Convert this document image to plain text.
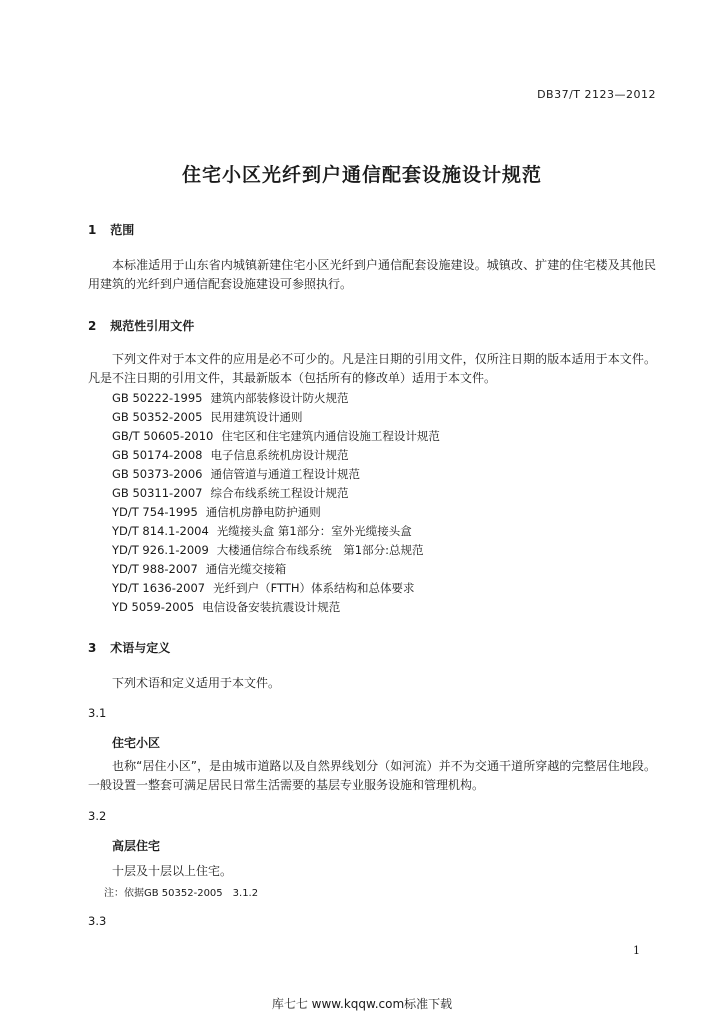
DB37/T 2123—2012
住宅小区光纤到户通信配套设施设计规范
1 范围
本标准适用于山东省内城镇新建住宅小区光纤到户通信配套设施建设。城镇改、扩建的住宅楼及其他民用建筑的光纤到户通信配套设施建设可参照执行。
2 规范性引用文件
下列文件对于本文件的应用是必不可少的。凡是注日期的引用文件，仅所注日期的版本适用于本文件。凡是不注日期的引用文件，其最新版本（包括所有的修改单）适用于本文件。
GB 50222-1995 建筑内部装修设计防火规范
GB 50352-2005 民用建筑设计通则
GB/T 50605-2010 住宅区和住宅建筑内通信设施工程设计规范
GB 50174-2008 电子信息系统机房设计规范
GB 50373-2006 通信管道与通道工程设计规范
GB 50311-2007 综合布线系统工程设计规范
YD/T 754-1995 通信机房静电防护通则
YD/T 814.1-2004 光缆接头盒 第1部分：室外光缆接头盒
YD/T 926.1-2009 大楼通信综合布线系统　第1部分:总规范
YD/T 988-2007 通信光缆交接箱
YD/T 1636-2007 光纤到户（FTTH）体系结构和总体要求
YD 5059-2005 电信设备安装抗震设计规范
3 术语与定义
下列术语和定义适用于本文件。
3.1
住宅小区
也称“居住小区”，是由城市道路以及自然界线划分（如河流）并不为交通干道所穿越的完整居住地段。一般设置一整套可满足居民日常生活需要的基层专业服务设施和管理机构。
3.2
高层住宅
十层及十层以上住宅。
注：依据GB 50352-2005　3.1.2
3.3
1
库七七 www.kqqw.com标准下载
